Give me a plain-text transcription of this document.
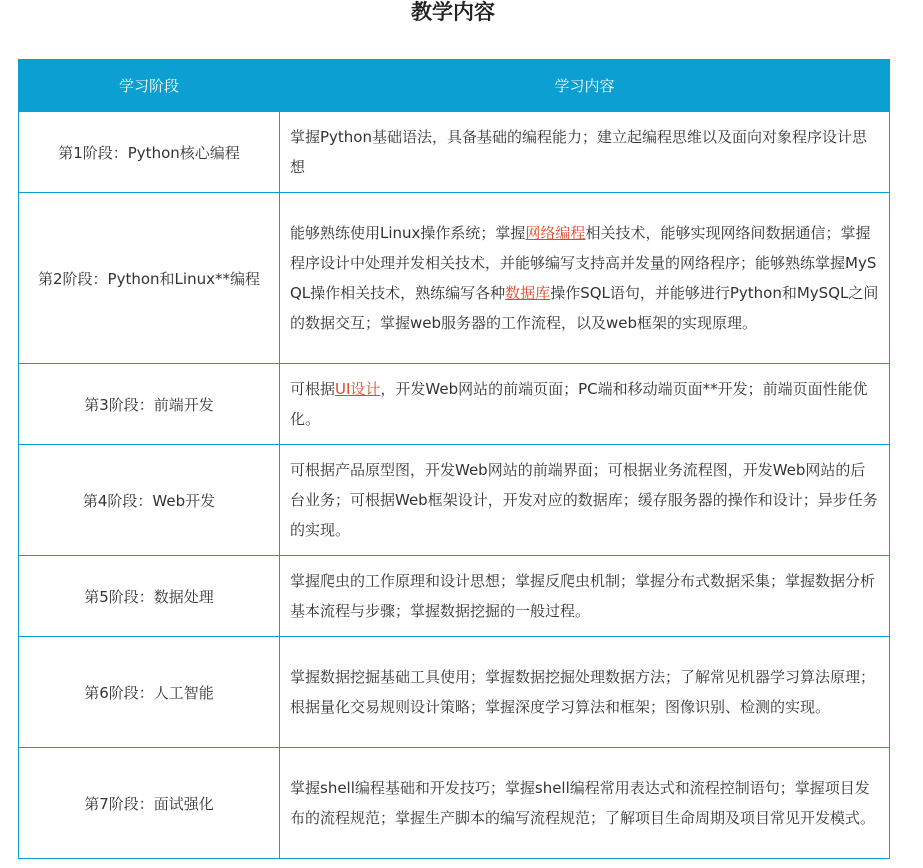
教学内容
学习阶段	学习内容
第1阶段：Python核心编程	掌握Python基础语法，具备基础的编程能力；建立起编程思维以及面向对象程序设计思想
第2阶段：Python和Linux**编程	能够熟练使用Linux操作系统；掌握网络编程相关技术，能够实现网络间数据通信；掌握程序设计中处理并发相关技术，并能够编写支持高并发量的网络程序；能够熟练掌握MySQL操作相关技术，熟练编写各种数据库操作SQL语句，并能够进行Python和MySQL之间的数据交互；掌握web服务器的工作流程，以及web框架的实现原理。
第3阶段：前端开发	可根据UI设计，开发Web网站的前端页面；PC端和移动端页面**开发；前端页面性能优化。
第4阶段：Web开发	可根据产品原型图，开发Web网站的前端界面；可根据业务流程图，开发Web网站的后台业务；可根据Web框架设计，开发对应的数据库；缓存服务器的操作和设计；异步任务的实现。
第5阶段：数据处理	掌握爬虫的工作原理和设计思想；掌握反爬虫机制；掌握分布式数据采集；掌握数据分析基本流程与步骤；掌握数据挖掘的一般过程。
第6阶段：人工智能	掌握数据挖掘基础工具使用；掌握数据挖掘处理数据方法；了解常见机器学习算法原理；根据量化交易规则设计策略；掌握深度学习算法和框架；图像识别、检测的实现。
第7阶段：面试强化	掌握shell编程基础和开发技巧；掌握shell编程常用表达式和流程控制语句；掌握项目发布的流程规范；掌握生产脚本的编写流程规范；了解项目生命周期及项目常见开发模式。
